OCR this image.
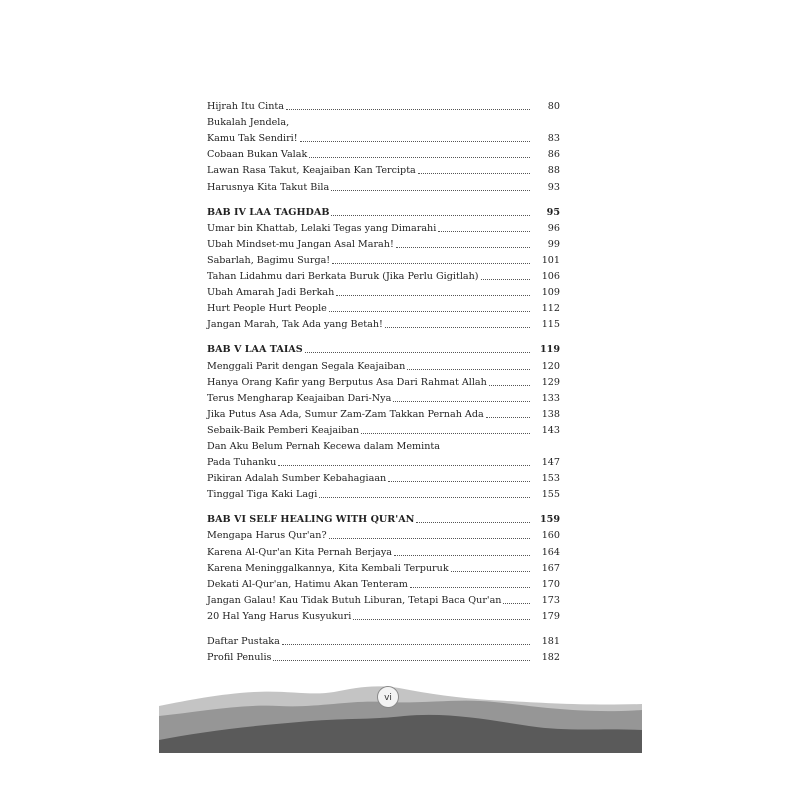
Hijrah Itu Cinta	80
Bukalah Jendela,
Kamu Tak Sendiri!	83
Cobaan Bukan Valak	86
Lawan Rasa Takut, Keajaiban Kan Tercipta	88
Harusnya Kita Takut Bila	93
BAB IV LAA TAGHDAB	95
Umar bin Khattab, Lelaki Tegas yang Dimarahi	96
Ubah Mindset-mu Jangan Asal Marah!	99
Sabarlah, Bagimu Surga!	101
Tahan Lidahmu dari Berkata Buruk (Jika Perlu Gigitlah)	106
Ubah Amarah Jadi Berkah	109
Hurt People Hurt People	112
Jangan Marah, Tak Ada yang Betah!	115
BAB V LAA TAIAS	119
Menggali Parit dengan Segala Keajaiban	120
Hanya Orang Kafir yang Berputus Asa Dari Rahmat Allah	129
Terus Mengharap Keajaiban Dari-Nya	133
Jika Putus Asa Ada, Sumur Zam-Zam Takkan Pernah Ada	138
Sebaik-Baik Pemberi Keajaiban	143
Dan Aku Belum Pernah Kecewa dalam Meminta
Pada Tuhanku	147
Pikiran Adalah Sumber Kebahagiaan	153
Tinggal Tiga Kaki Lagi	155
BAB VI SELF HEALING WITH QUR'AN	159
Mengapa Harus Qur'an?	160
Karena Al-Qur'an Kita Pernah Berjaya	164
Karena Meninggalkannya, Kita Kembali Terpuruk	167
Dekati Al-Qur'an, Hatimu Akan Tenteram	170
Jangan Galau! Kau Tidak Butuh Liburan, Tetapi Baca Qur'an	173
20 Hal Yang Harus Kusyukuri	179
Daftar Pustaka	181
Profil Penulis	182
vi
